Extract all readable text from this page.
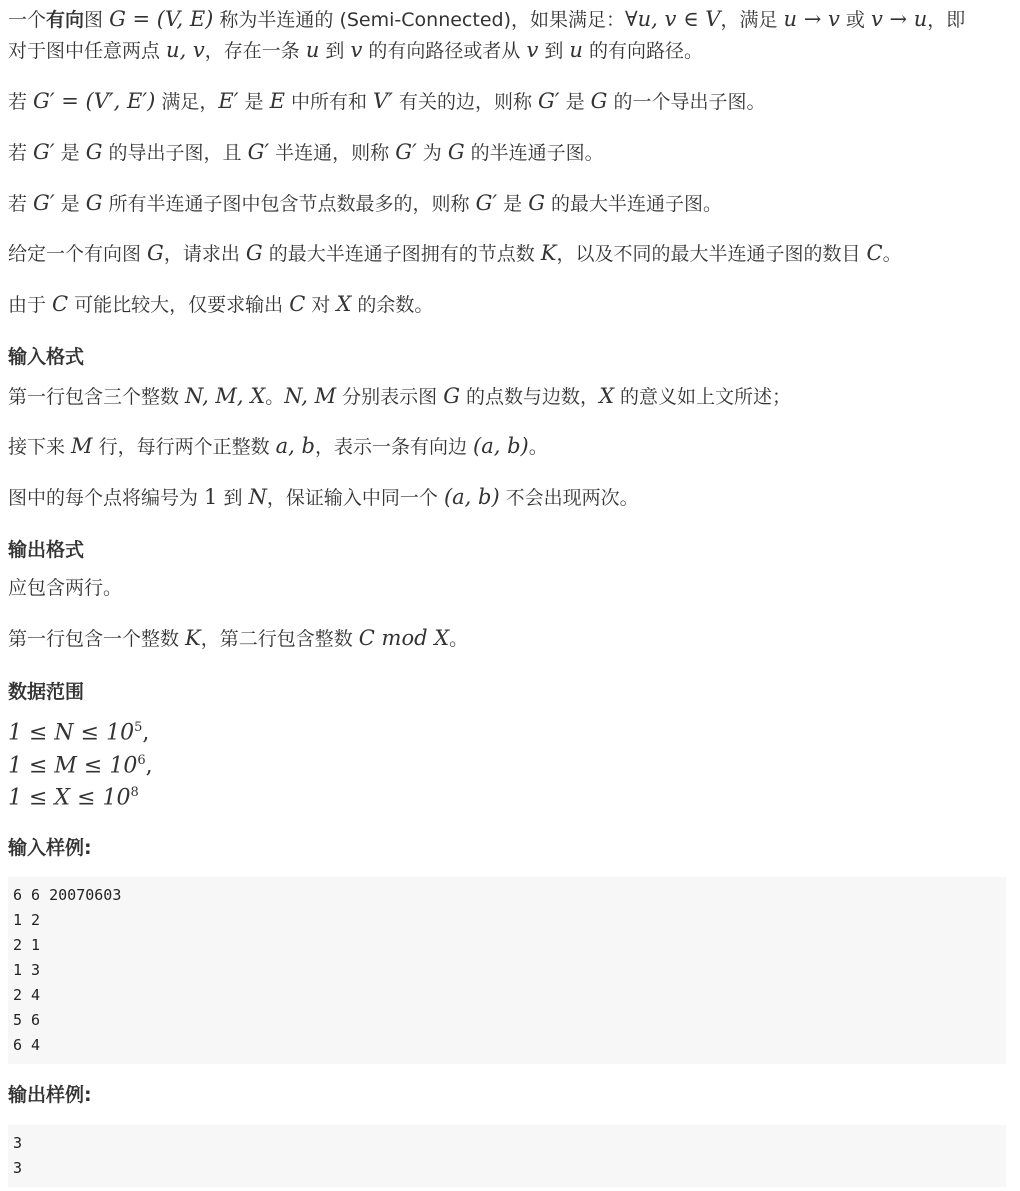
一个有向图 G = (V, E) 称为半连通的 (Semi-Connected)，如果满足：∀u, v ∈ V，满足 u → v 或 v → u，即
对于图中任意两点 u, v，存在一条 u 到 v 的有向路径或者从 v 到 u 的有向路径。
若 G′ = (V′, E′) 满足，E′ 是 E 中所有和 V′ 有关的边，则称 G′ 是 G 的一个导出子图。
若 G′ 是 G 的导出子图，且 G′ 半连通，则称 G′ 为 G 的半连通子图。
若 G′ 是 G 所有半连通子图中包含节点数最多的，则称 G′ 是 G 的最大半连通子图。
给定一个有向图 G，请求出 G 的最大半连通子图拥有的节点数 K，以及不同的最大半连通子图的数目 C。
由于 C 可能比较大，仅要求输出 C 对 X 的余数。
输入格式
第一行包含三个整数 N, M, X。N, M 分别表示图 G 的点数与边数，X 的意义如上文所述；
接下来 M 行，每行两个正整数 a, b，表示一条有向边 (a, b)。
图中的每个点将编号为 1 到 N，保证输入中同一个 (a, b) 不会出现两次。
输出格式
应包含两行。
第一行包含一个整数 K，第二行包含整数 C mod X。
数据范围
$1 \le N \le 10^5$,
$1 \le M \le 10^6$,
$1 \le X \le 10^8$
输入样例:
6 6 20070603
1 2
2 1
1 3
2 4
5 6
6 4
输出样例:
3
3
